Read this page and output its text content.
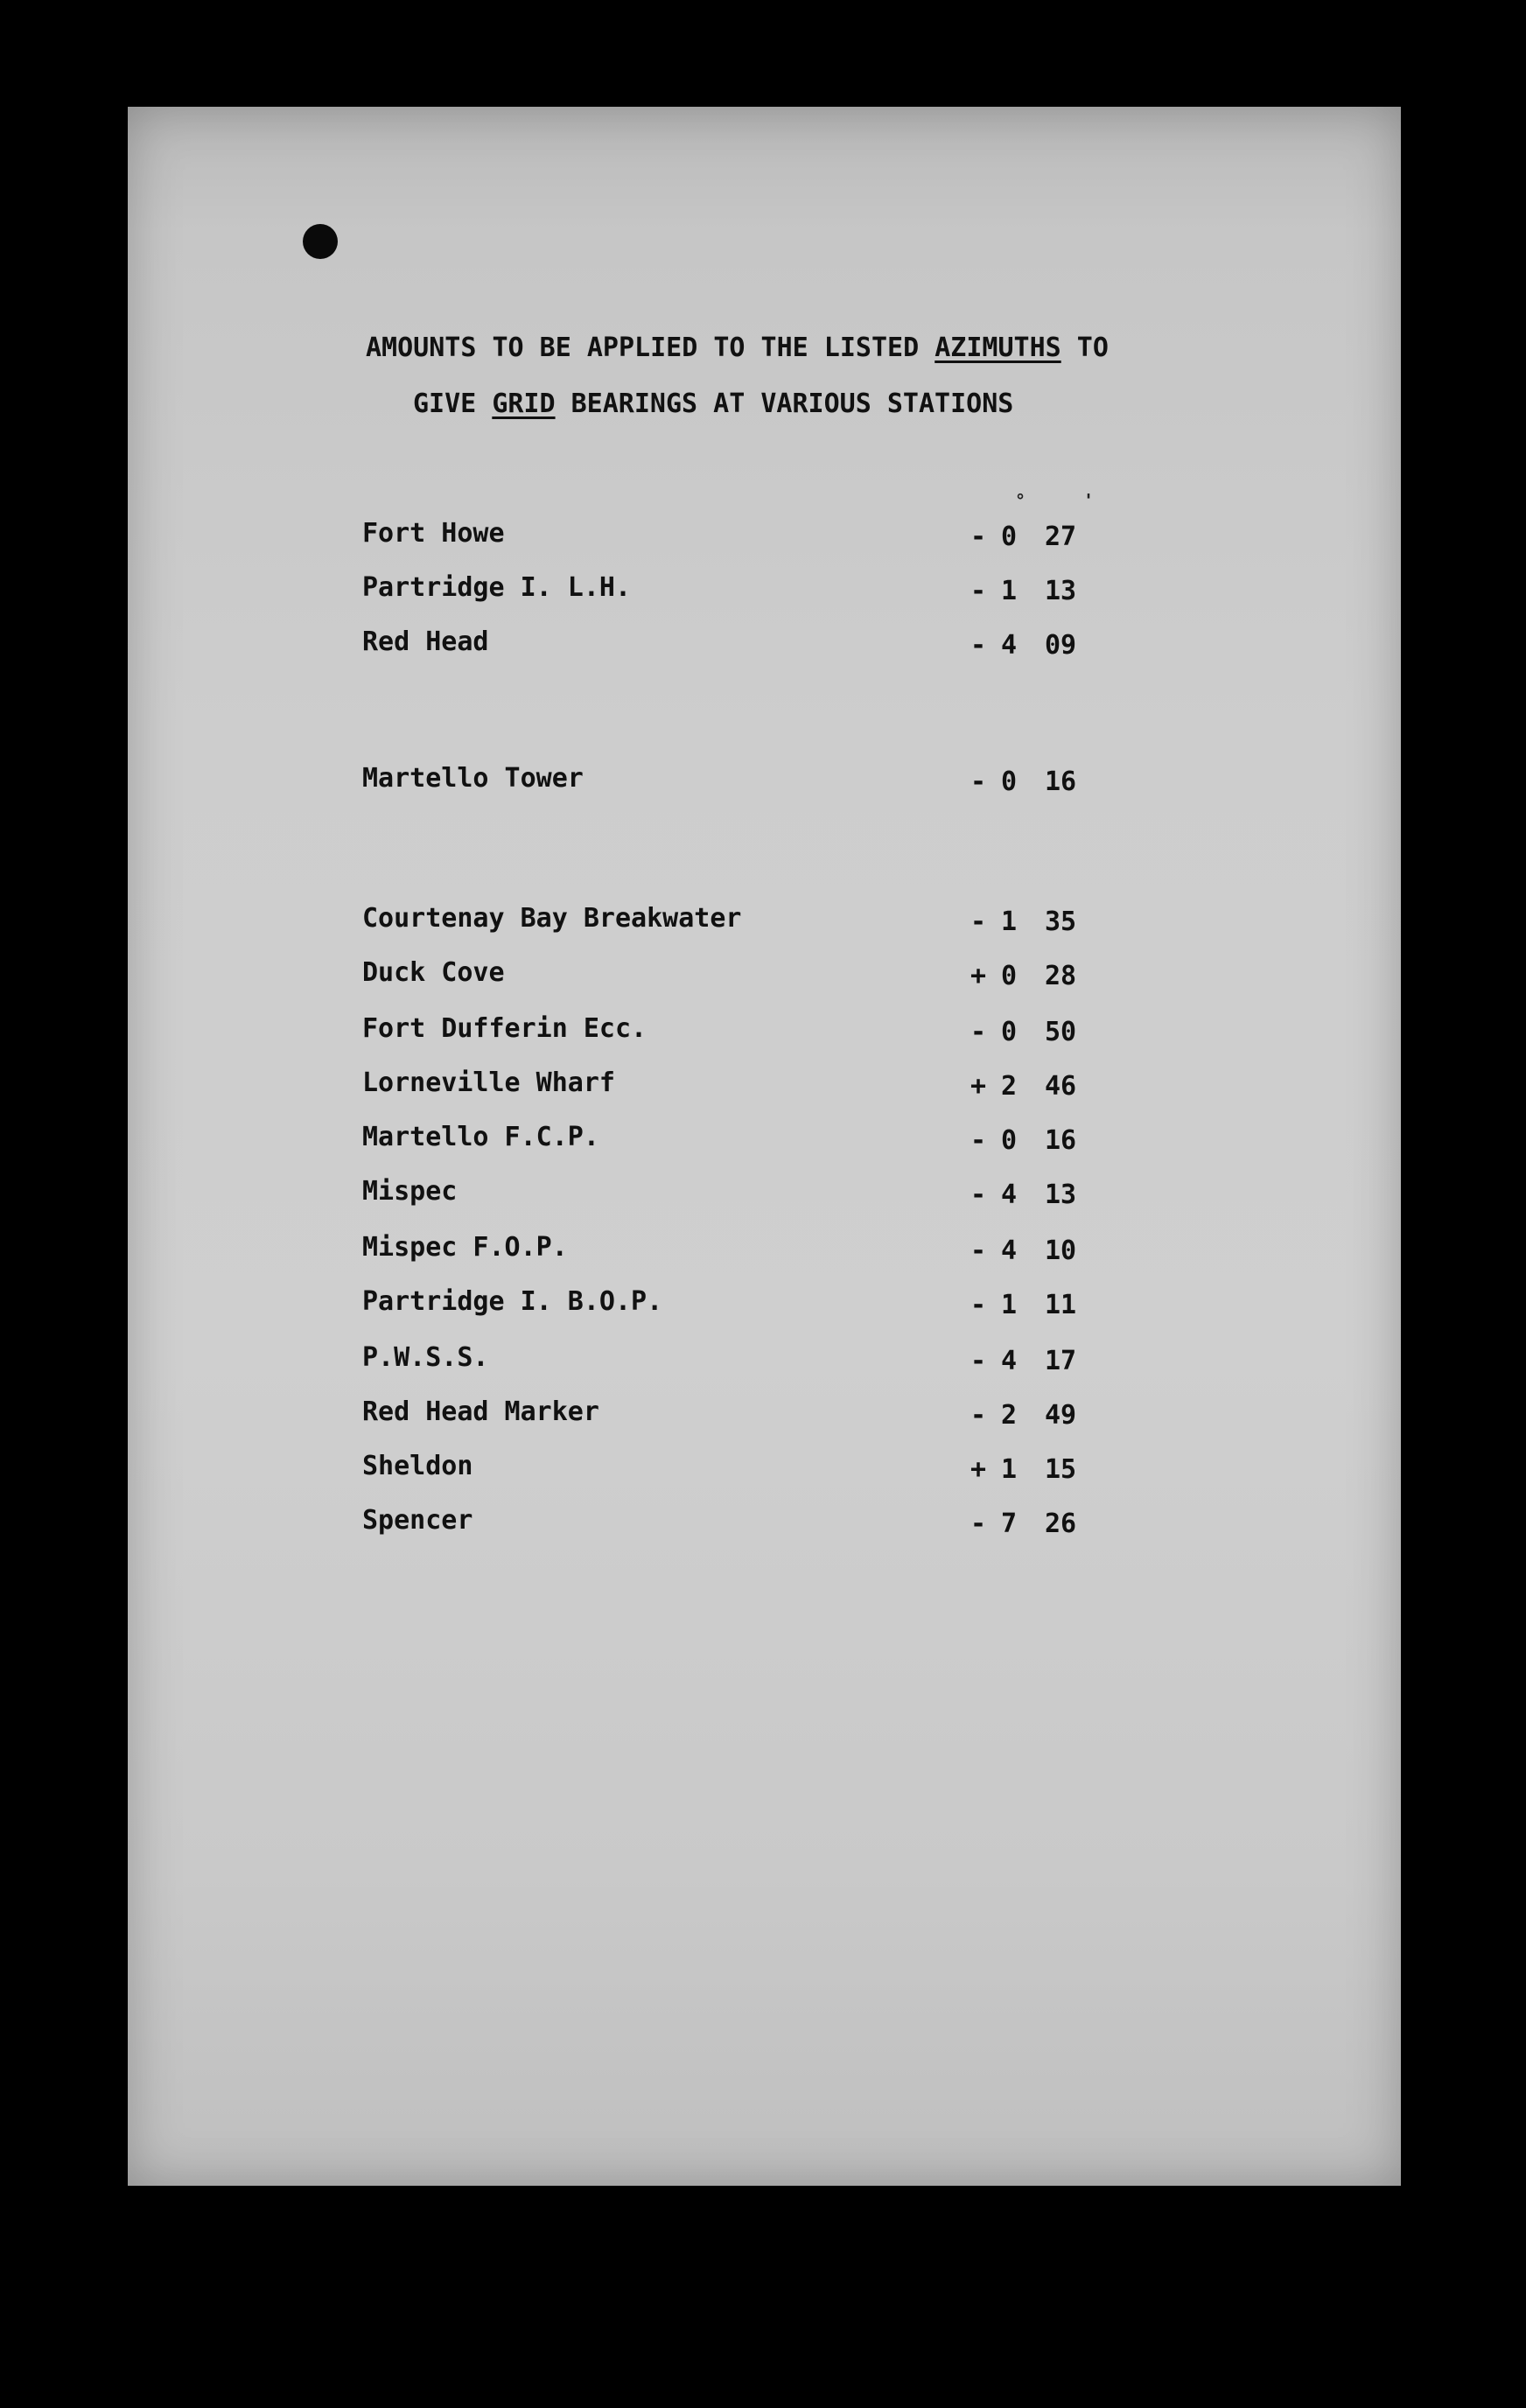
AMOUNTS TO BE APPLIED TO THE LISTED AZIMUTHS TO
GIVE GRID BEARINGS AT VARIOUS STATIONS
°	'
Fort Howe	- 0 27
Partridge I. L.H.	- 1 13
Red Head	- 4 09
Martello Tower	- 0 16
Courtenay Bay Breakwater	- 1 35
Duck Cove	+ 0 28
Fort Dufferin Ecc.	- 0 50
Lorneville Wharf	+ 2 46
Martello F.C.P.	- 0 16
Mispec	- 4 13
Mispec F.O.P.	- 4 10
Partridge I. B.O.P.	- 1 11
P.W.S.S.	- 4 17
Red Head Marker	- 2 49
Sheldon	+ 1 15
Spencer	- 7 26
